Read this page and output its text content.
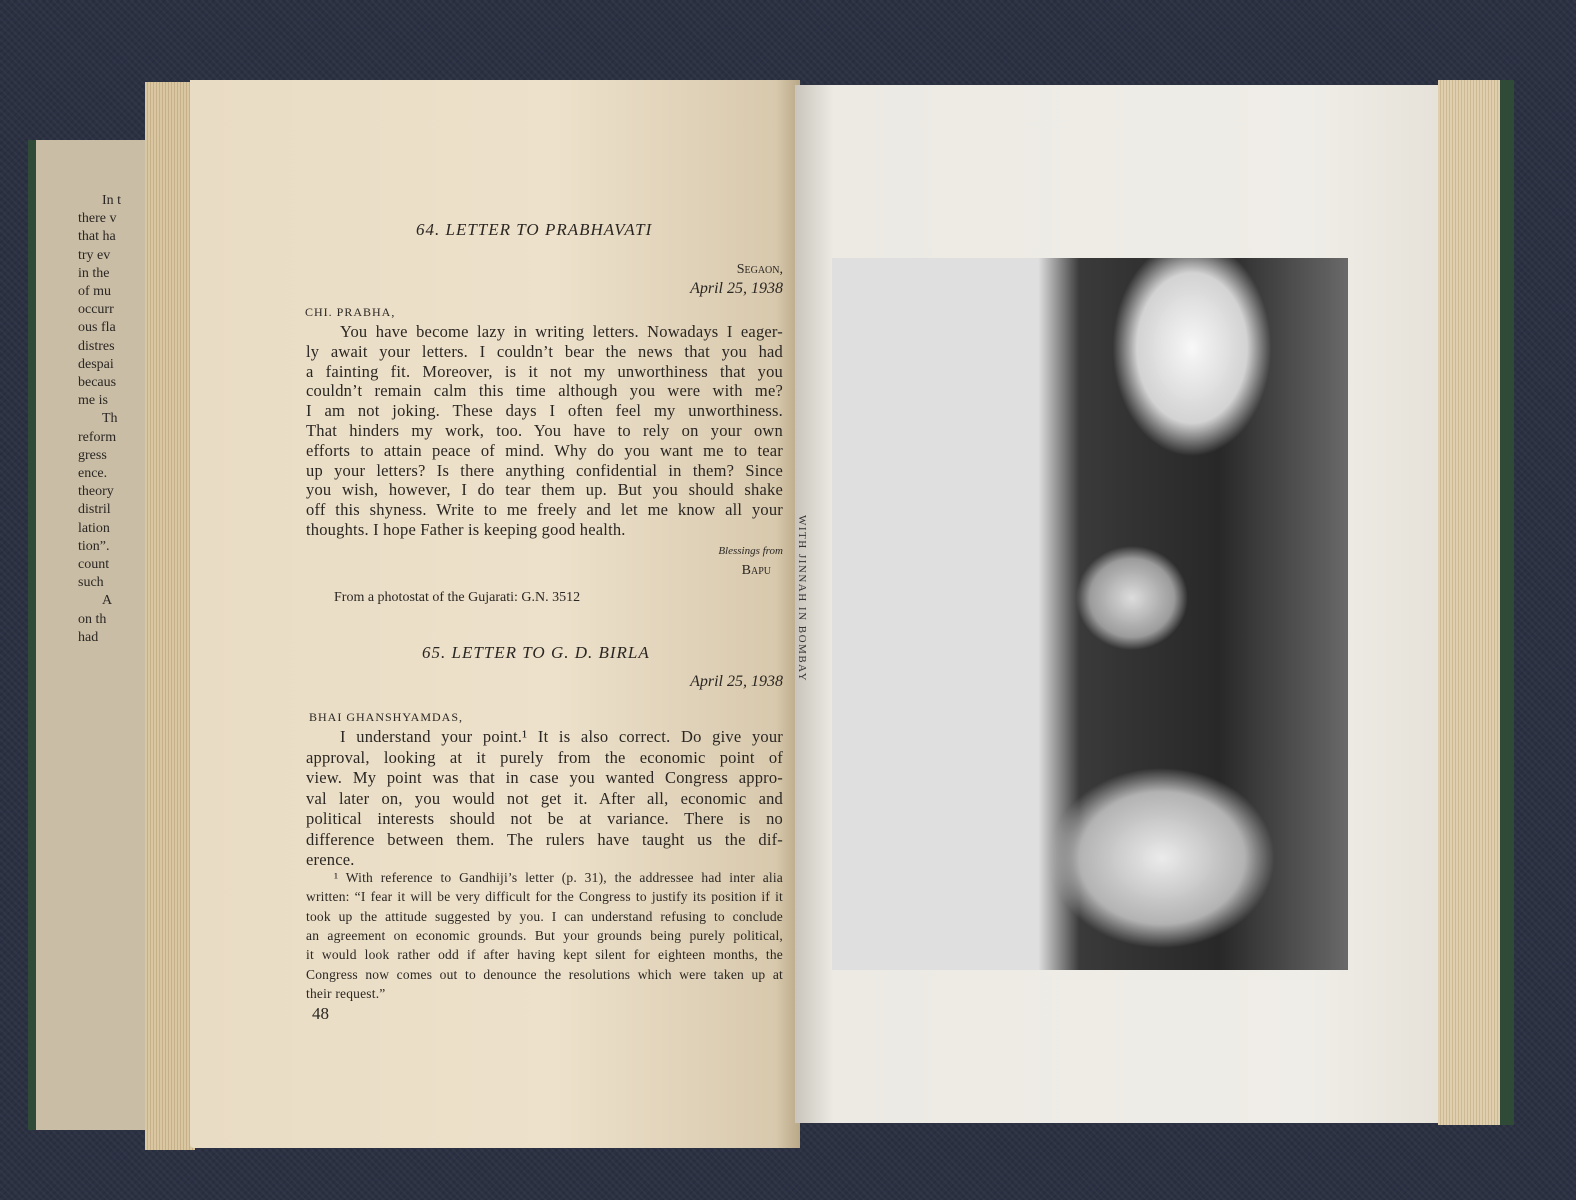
In t
there v
that ha
try ev
in the
of mu
occurr
ous fla
distres
despai
becaus
me is
Th
reform
gress
ence.
theory
distril
lation
tion”.
count
such
A
on th
had
64. LETTER TO PRABHAVATI
Segaon,
April 25, 1938
CHI. PRABHA,
You have become lazy in writing letters. Nowadays I eager-
ly await your letters. I couldn’t bear the news that you had
a fainting fit. Moreover, is it not my unworthiness that you
couldn’t remain calm this time although you were with me?
I am not joking. These days I often feel my unworthiness.
That hinders my work, too. You have to rely on your own
efforts to attain peace of mind. Why do you want me to tear
up your letters? Is there anything confidential in them? Since
you wish, however, I do tear them up. But you should shake
off this shyness. Write to me freely and let me know all your
thoughts. I hope Father is keeping good health.
Blessings from
Bapu
From a photostat of the Gujarati: G.N. 3512
65. LETTER TO G. D. BIRLA
April 25, 1938
BHAI GHANSHYAMDAS,
I understand your point.¹ It is also correct. Do give your
approval, looking at it purely from the economic point of
view. My point was that in case you wanted Congress appro-
val later on, you would not get it. After all, economic and
political interests should not be at variance. There is no
difference between them. The rulers have taught us the dif-
erence.
¹ With reference to Gandhiji’s letter (p. 31), the addressee had inter alia
written: “I fear it will be very difficult for the Congress to justify its position if it
took up the attitude suggested by you. I can understand refusing to conclude
an agreement on economic grounds. But your grounds being purely political,
it would look rather odd if after having kept silent for eighteen months, the
Congress now comes out to denounce the resolutions which were taken up at
their request.”
48
WITH JINNAH IN BOMBAY
